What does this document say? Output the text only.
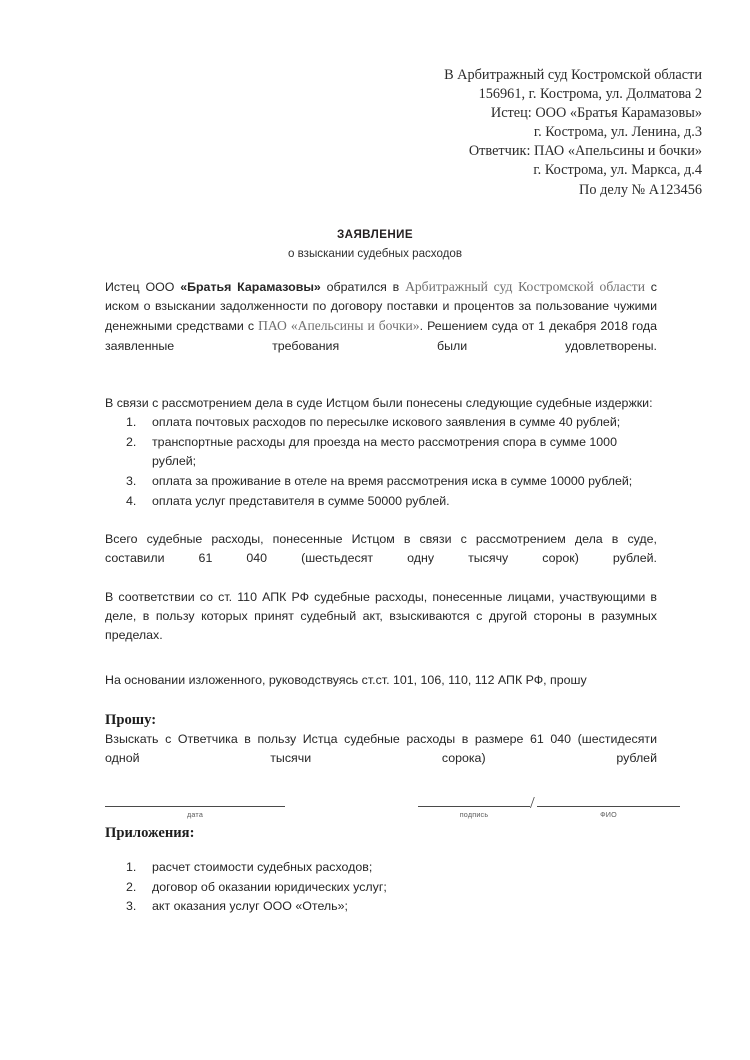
В Арбитражный суд Костромской области
156961, г. Кострома, ул. Долматова 2
Истец: ООО «Братья Карамазовы»
г. Кострома, ул. Ленина, д.3
Ответчик: ПАО «Апельсины и бочки»
г. Кострома, ул. Маркса, д.4
По делу № А123456
ЗАЯВЛЕНИЕ
о взыскании судебных расходов

Истец ООО «Братья Карамазовы» обратился в Арбитражный суд Костромской области с иском о взыскании задолженности по договору поставки и процентов за пользование чужими денежными средствами с ПАО «Апельсины и бочки». Решением суда от 1 декабря 2018 года заявленные требования были удовлетворены.

В связи с рассмотрением дела в суде Истцом были понесены следующие судебные издержки:

оплата почтовых расходов по пересылке искового заявления в сумме 40 рублей;
транспортные расходы для проезда на место рассмотрения спора в сумме 1000 рублей;
оплата за проживание в отеле на время рассмотрения иска в сумме 10000 рублей;
оплата услуг представителя в сумме 50000 рублей.

Всего судебные расходы, понесенные Истцом в связи с рассмотрением дела в суде, составили 61 040 (шестьдесят одну тысячу сорок) рублей.

В соответствии со ст. 110 АПК РФ судебные расходы, понесенные лицами, участвующими в деле, в пользу которых принят судебный акт, взыскиваются с другой стороны в разумных пределах.

На основании изложенного, руководствуясь ст.ст. 101, 106, 110, 112 АПК РФ, прошу

Прошу:

Взыскать с Ответчика в пользу Истца судебные расходы в размере 61 040 (шестидесяти одной тысячи сорока) рублей

Приложения:
расчет стоимости судебных расходов;
договор об оказании юридических услуг;
акт оказания услуг ООО «Отель»;
дата	подпись
/
ФИО
